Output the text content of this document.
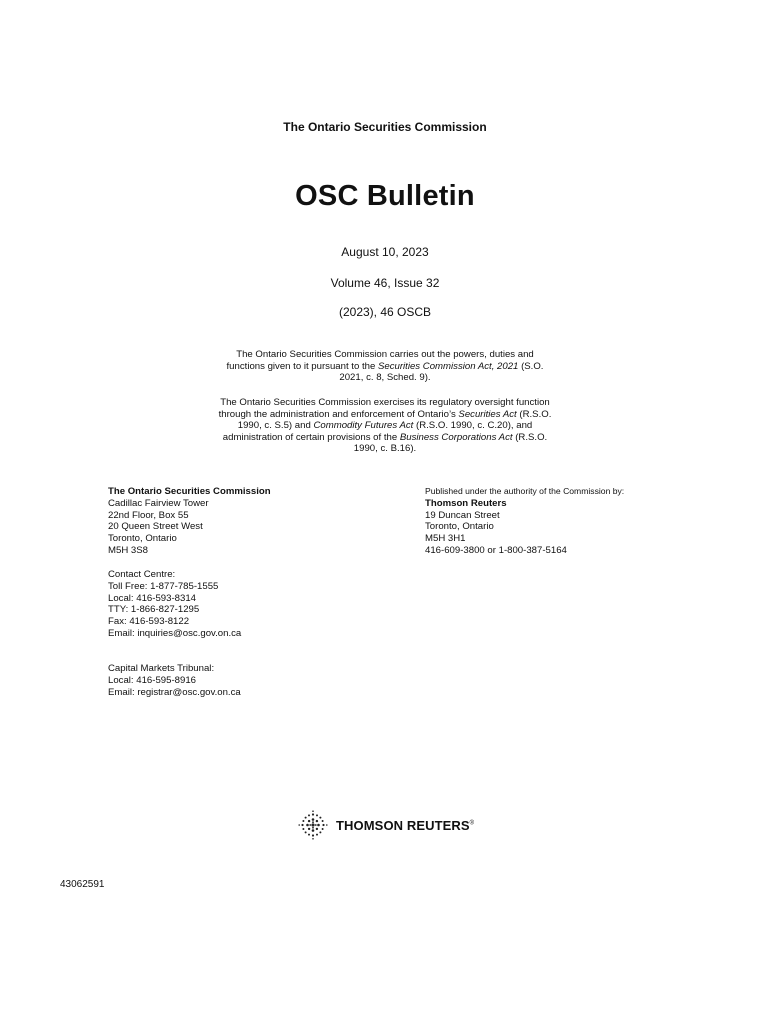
The Ontario Securities Commission
OSC Bulletin
August 10, 2023
Volume 46, Issue 32
(2023), 46 OSCB
The Ontario Securities Commission carries out the powers, duties and functions given to it pursuant to the Securities Commission Act, 2021 (S.O. 2021, c. 8, Sched. 9).
The Ontario Securities Commission exercises its regulatory oversight function through the administration and enforcement of Ontario’s Securities Act (R.S.O. 1990, c. S.5) and Commodity Futures Act (R.S.O. 1990, c. C.20), and administration of certain provisions of the Business Corporations Act (R.S.O. 1990, c. B.16).
The Ontario Securities Commission
Cadillac Fairview Tower
22nd Floor, Box 55
20 Queen Street West
Toronto, Ontario
M5H 3S8
Contact Centre:
Toll Free: 1-877-785-1555
Local: 416-593-8314
TTY: 1-866-827-1295
Fax: 416-593-8122
Email: inquiries@osc.gov.on.ca
Capital Markets Tribunal:
Local: 416-595-8916
Email: registrar@osc.gov.on.ca
Published under the authority of the Commission by:
Thomson Reuters
19 Duncan Street
Toronto, Ontario
M5H 3H1
416-609-3800 or 1-800-387-5164
THOMSON REUTERS®
43062591
